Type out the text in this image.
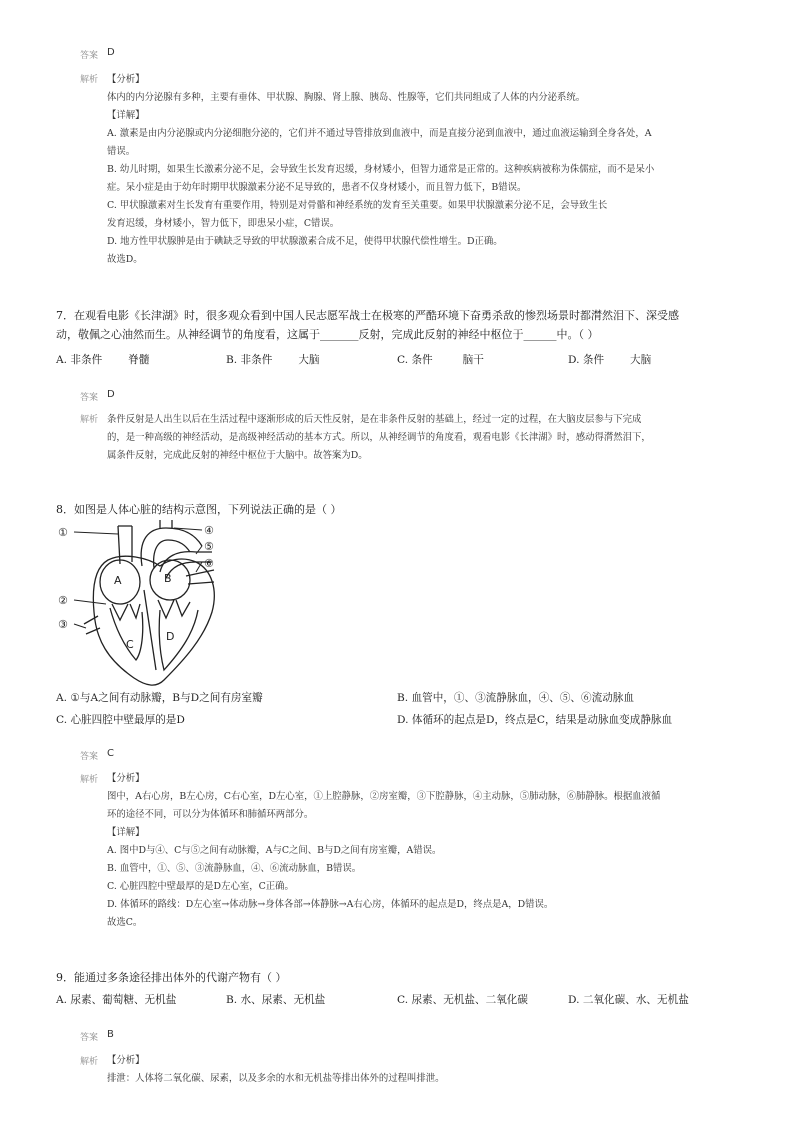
答案 D
解析 【分析】
体内的内分泌腺有多种，主要有垂体、甲状腺、胸腺、肾上腺、胰岛、性腺等，它们共同组成了人体的内分泌系统。
【详解】
A. 激素是由内分泌腺或内分泌细胞分泌的，它们并不通过导管排放到血液中，而是直接分泌到血液中，通过血液运输到全身各处，A
错误。
B. 幼儿时期，如果生长激素分泌不足，会导致生长发育迟缓，身材矮小，但智力通常是正常的。这种疾病被称为侏儒症，而不是呆小
症。呆小症是由于幼年时期甲状腺激素分泌不足导致的，患者不仅身材矮小，而且智力低下，B错误。
C. 甲状腺激素对生长发育有重要作用，特别是对骨骼和神经系统的发育至关重要。如果甲状腺激素分泌不足，会导致生长
发育迟缓，身材矮小，智力低下，即患呆小症，C错误。
D. 地方性甲状腺肿是由于碘缺乏导致的甲状腺激素合成不足，使得甲状腺代偿性增生。D正确。
故选D。
7．在观看电影《长津湖》时，很多观众看到中国人民志愿军战士在极寒的严酷环境下奋勇杀敌的惨烈场景时都潸然泪下、深受感
动，敬佩之心油然而生。从神经调节的角度看，这属于_______反射，完成此反射的神经中枢位于______中。（ ）
A. 非条件 脊髓	B. 非条件 大脑	C. 条件	脑干	D. 条件 大脑
答案 D
解析 条件反射是人出生以后在生活过程中逐渐形成的后天性反射，是在非条件反射的基础上，经过一定的过程，在大脑皮层参与下完成
的，是一种高级的神经活动，是高级神经活动的基本方式。所以，从神经调节的角度看，观看电影《长津湖》时，感动得潸然泪下，
属条件反射，完成此反射的神经中枢位于大脑中。故答案为D。
8．如图是人体心脏的结构示意图，下列说法正确的是（ ）
①
②
③
④
⑤
⑥
A	B
C
D
A. ①与A之间有动脉瓣，B与D之间有房室瓣	B. 血管中，①、③流静脉血，④、⑤、⑥流动脉血
C. 心脏四腔中壁最厚的是D	D. 体循环的起点是D，终点是C，结果是动脉血变成静脉血
答案 C
解析 【分析】
图中，A右心房，B左心房，C右心室，D左心室，①上腔静脉，②房室瓣，③下腔静脉，④主动脉，⑤肺动脉，⑥肺静脉。根据血液循
环的途径不同，可以分为体循环和肺循环两部分。
【详解】
A. 图中D与④、C与⑤之间有动脉瓣，A与C之间、B与D之间有房室瓣，A错误。
B. 血管中，①、⑤、③流静脉血，④、⑥流动脉血，B错误。
C. 心脏四腔中壁最厚的是D左心室，C正确。
D. 体循环的路线：D左心室→体动脉→身体各部→体静脉→A右心房，体循环的起点是D，终点是A，D错误。
故选C。
9．能通过多条途径排出体外的代谢产物有（ ）
A. 尿素、葡萄糖、无机盐	B. 水、尿素、无机盐	C. 尿素、无机盐、二氧化碳	D. 二氧化碳、水、无机盐
答案 B
解析 【分析】
排泄：人体将二氧化碳、尿素，以及多余的水和无机盐等排出体外的过程叫排泄。
